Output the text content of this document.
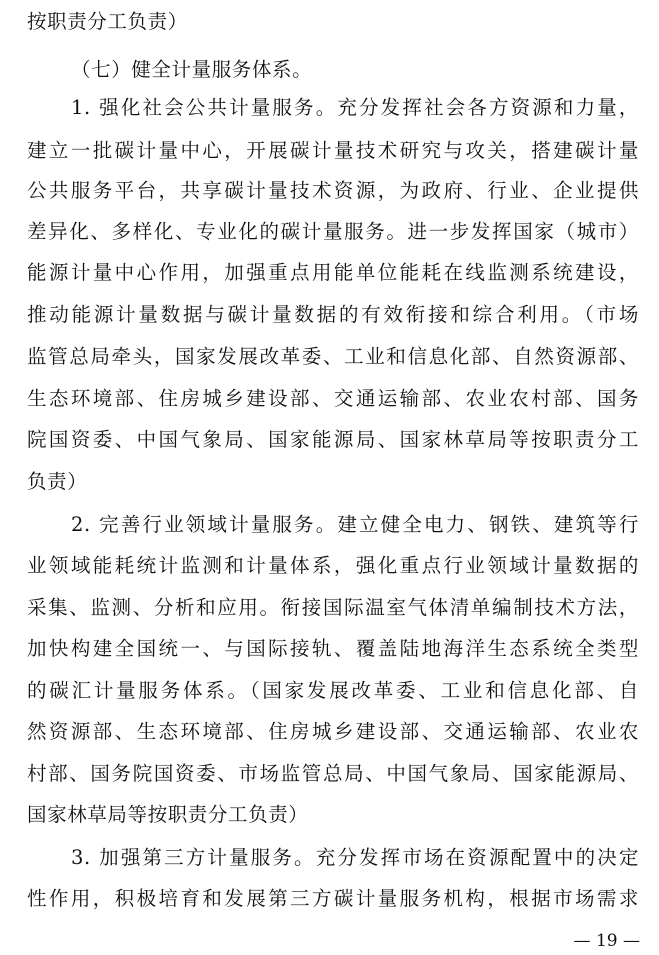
按职责分工负责）
（七）健全计量服务体系。
1. 强化社会公共计量服务。充分发挥社会各方资源和力量，
建立一批碳计量中心，开展碳计量技术研究与攻关，搭建碳计量
公共服务平台，共享碳计量技术资源，为政府、行业、企业提供
差异化、多样化、专业化的碳计量服务。进一步发挥国家（城市）
能源计量中心作用，加强重点用能单位能耗在线监测系统建设，
推动能源计量数据与碳计量数据的有效衔接和综合利用。（市场
监管总局牵头，国家发展改革委、工业和信息化部、自然资源部、
生态环境部、住房城乡建设部、交通运输部、农业农村部、国务
院国资委、中国气象局、国家能源局、国家林草局等按职责分工
负责）
2. 完善行业领域计量服务。建立健全电力、钢铁、建筑等行
业领域能耗统计监测和计量体系，强化重点行业领域计量数据的
采集、监测、分析和应用。衔接国际温室气体清单编制技术方法，
加快构建全国统一、与国际接轨、覆盖陆地海洋生态系统全类型
的碳汇计量服务体系。（国家发展改革委、工业和信息化部、自
然资源部、生态环境部、住房城乡建设部、交通运输部、农业农
村部、国务院国资委、市场监管总局、中国气象局、国家能源局、
国家林草局等按职责分工负责）
3. 加强第三方计量服务。充分发挥市场在资源配置中的决定
性作用，积极培育和发展第三方碳计量服务机构，根据市场需求
— 19 —
